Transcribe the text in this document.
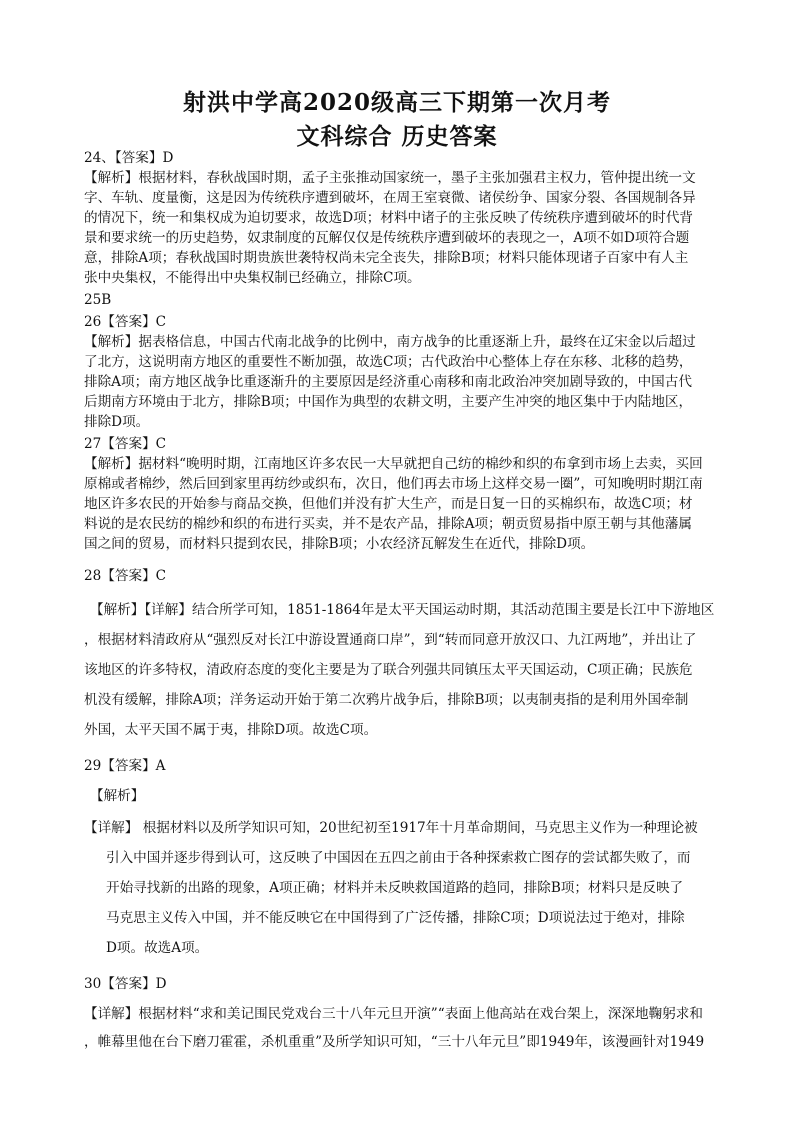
射洪中学高2020级高三下期第一次月考
文科综合 历史答案
24、【答案】D
【解析】根据材料，春秋战国时期，孟子主张推动国家统一，墨子主张加强君主权力，管仲提出统一文
字、车轨、度量衡，这是因为传统秩序遭到破坏，在周王室衰微、诸侯纷争、国家分裂、各国规制各异
的情况下，统一和集权成为迫切要求，故选D项；材料中诸子的主张反映了传统秩序遭到破坏的时代背
景和要求统一的历史趋势，奴隶制度的瓦解仅仅是传统秩序遭到破坏的表现之一，A项不如D项符合题
意，排除A项；春秋战国时期贵族世袭特权尚未完全丧失，排除B项；材料只能体现诸子百家中有人主
张中央集权，不能得出中央集权制已经确立，排除C项。
25B
26【答案】C
【解析】据表格信息，中国古代南北战争的比例中，南方战争的比重逐渐上升，最终在辽宋金以后超过
了北方，这说明南方地区的重要性不断加强，故选C项；古代政治中心整体上存在东移、北移的趋势，
排除A项；南方地区战争比重逐渐升的主要原因是经济重心南移和南北政治冲突加剧导致的，中国古代
后期南方环境由于北方，排除B项；中国作为典型的农耕文明，主要产生冲突的地区集中于内陆地区，
排除D项。
27【答案】C
【解析】据材料“晚明时期，江南地区许多农民一大早就把自己纺的棉纱和织的布拿到市场上去卖，买回
原棉或者棉纱，然后回到家里再纺纱或织布，次日，他们再去市场上这样交易一圈”，可知晚明时期江南
地区许多农民的开始参与商品交换，但他们并没有扩大生产，而是日复一日的买棉织布，故选C项；材
料说的是农民纺的棉纱和织的布进行买卖，并不是农产品，排除A项；朝贡贸易指中原王朝与其他藩属
国之间的贸易，而材料只提到农民，排除B项；小农经济瓦解发生在近代，排除D项。
28【答案】C
【解析】【详解】结合所学可知，1851-1864年是太平天国运动时期，其活动范围主要是长江中下游地区
，根据材料清政府从“强烈反对长江中游设置通商口岸”，到“转而同意开放汉口、九江两地”，并出让了
该地区的许多特权，清政府态度的变化主要是为了联合列强共同镇压太平天国运动，C项正确；民族危
机没有缓解，排除A项；洋务运动开始于第二次鸦片战争后，排除B项；以夷制夷指的是利用外国牵制
外国，太平天国不属于夷，排除D项。故选C项。
29【答案】A
【解析】
【详解】 根据材料以及所学知识可知，20世纪初至1917年十月革命期间，马克思主义作为一种理论被
引入中国并逐步得到认可，这反映了中国因在五四之前由于各种探索救亡图存的尝试都失败了，而
开始寻找新的出路的现象，A项正确；材料并未反映救国道路的趋同，排除B项；材料只是反映了
马克思主义传入中国，并不能反映它在中国得到了广泛传播，排除C项；D项说法过于绝对，排除
D项。故选A项。
30【答案】D
【详解】根据材料“求和美记围民党戏台三十八年元旦开演”“表面上他高站在戏台架上，深深地鞠躬求和
，帷幕里他在台下磨刀霍霍，杀机重重”及所学知识可知，“三十八年元旦”即1949年，该漫画针对1949
